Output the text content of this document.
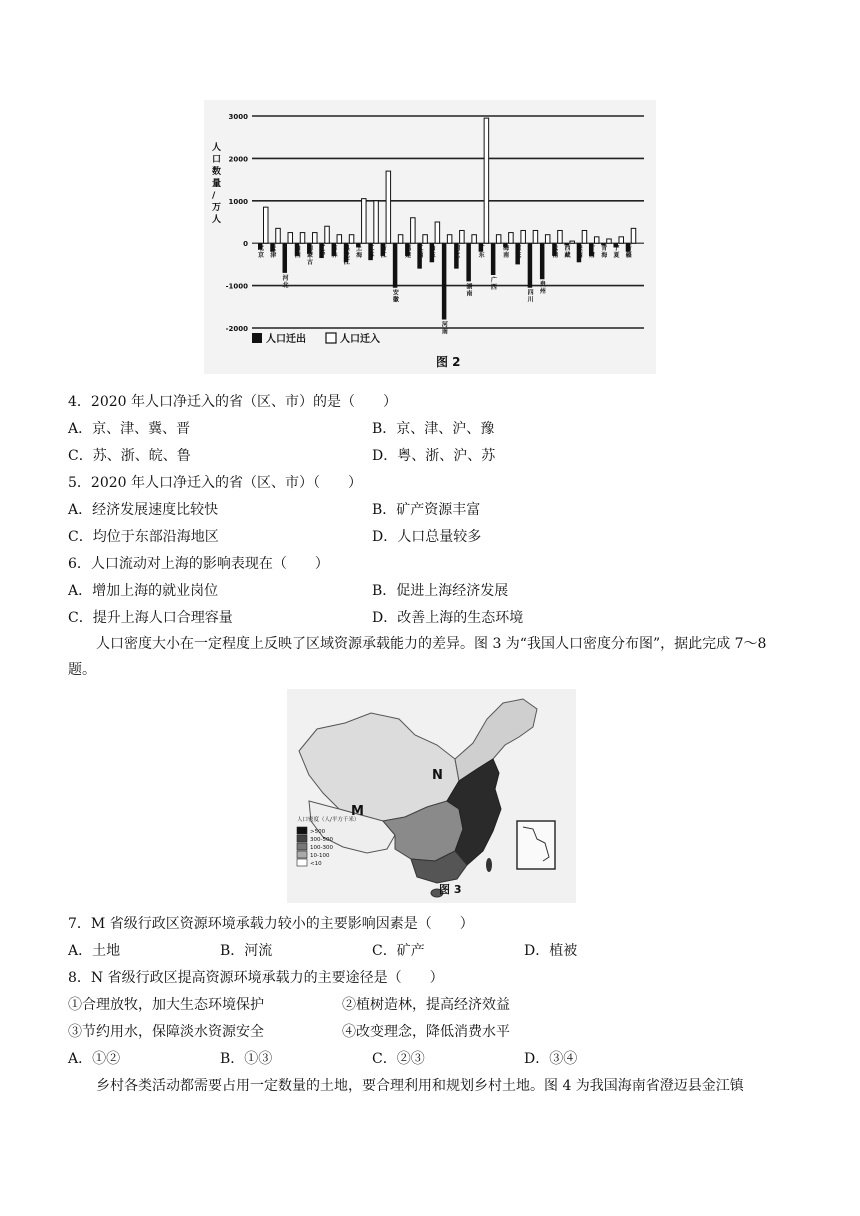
3000
2000
1000
0
-1000
-2000
北京
天津
河北
山西
内蒙古
辽宁
吉林
黑龙江
上海
江苏
浙江
安徽
福建
江西
山东
河南
湖北
湖南
广东
广西
海南
重庆
四川
贵州
云南
西藏
陕西
甘肃
青海
宁夏
新疆
人口数量/万人
人口迁出	人口迁入
图 2
4．2020 年人口净迁入的省（区、市）的是（　　）
A．京、津、冀、晋	B．京、津、沪、豫
C．苏、浙、皖、鲁	D．粤、浙、沪、苏
5．2020 年人口净迁入的省（区、市）（　　）
A．经济发展速度比较快	B．矿产资源丰富
C．均位于东部沿海地区	D．人口总量较多
6．人口流动对上海的影响表现在（　　）
A．增加上海的就业岗位	B．促进上海经济发展
C．提升上海人口合理容量	D．改善上海的生态环境
人口密度大小在一定程度上反映了区域资源承载能力的差异。图 3 为“我国人口密度分布图”，据此完成 7～8 题。
N
M
人口密度（人/平方千米）
>500
300-500
100-300
10-100
<10
图 3
7．M 省级行政区资源环境承载力较小的主要影响因素是（　　）
A．土地	B．河流	C．矿产	D．植被
8．N 省级行政区提高资源环境承载力的主要途径是（　　）
①合理放牧，加大生态环境保护	②植树造林，提高经济效益
③节约用水，保障淡水资源安全	④改变理念，降低消费水平
A．①②	B．①③	C．②③	D．③④
乡村各类活动都需要占用一定数量的土地，要合理利用和规划乡村土地。图 4 为我国海南省澄迈县金江镇
